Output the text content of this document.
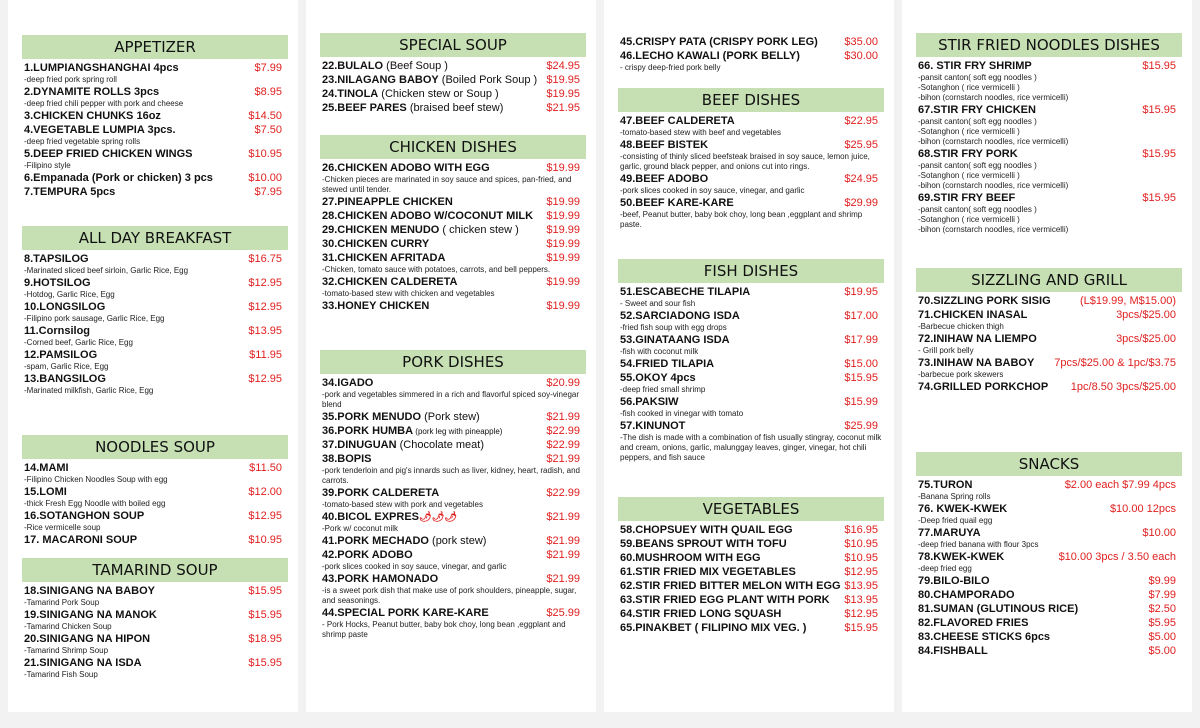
APPETIZER
1.LUMPIANGSHANGHAI 4pcs	$7.99
-deep fried pork spring roll
2.DYNAMITE ROLLS 3pcs	$8.95
-deep fried chili pepper with pork and cheese
3.CHICKEN CHUNKS 16oz	$14.50
4.VEGETABLE LUMPIA 3pcs.	$7.50
-deep fried vegetable spring rolls
5.DEEP FRIED CHICKEN WINGS	$10.95
-Filipino style
6.Empanada (Pork or chicken) 3 pcs	$10.00
7.TEMPURA 5pcs	$7.95
ALL DAY BREAKFAST
8.TAPSILOG	$16.75
-Marinated sliced beef sirloin, Garlic Rice, Egg
9.HOTSILOG	$12.95
-Hotdog, Garlic Rice, Egg
10.LONGSILOG	$12.95
-Filipino pork sausage, Garlic Rice, Egg
11.Cornsilog	$13.95
-Corned beef, Garlic Rice, Egg
12.PAMSILOG	$11.95
-spam, Garlic Rice, Egg
13.BANGSILOG	$12.95
-Marinated milkfish, Garlic Rice, Egg
NOODLES SOUP
14.MAMI	$11.50
-Filipino Chicken Noodles Soup with egg
15.LOMI	$12.00
-thick Fresh Egg Noodle with boiled egg
16.SOTANGHON SOUP	$12.95
-Rice vermicelle soup
17. MACARONI SOUP	$10.95
TAMARIND SOUP
18.SINIGANG NA BABOY	$15.95
-Tamarind Pork Soup
19.SINIGANG NA MANOK	$15.95
-Tamarind Chicken Soup
20.SINIGANG NA HIPON	$18.95
-Tamarind Shrimp Soup
21.SINIGANG NA ISDA	$15.95
-Tamarind Fish Soup
SPECIAL SOUP
22.BULALO (Beef Soup )	$24.95
23.NILAGANG BABOY (Boiled Pork Soup ) $19.95
24.TINOLA (Chicken stew or Soup )	$19.95
25.BEEF PARES (braised beef stew)	$21.95
CHICKEN DISHES
26.CHICKEN ADOBO WITH EGG	$19.99
-Chicken pieces are marinated in soy sauce and spices, pan-fried, and stewed until tender.
27.PINEAPPLE CHICKEN	$19.99
28.CHICKEN ADOBO W/COCONUT MILK $19.99
29.CHICKEN MENUDO ( chicken stew )	$19.99
30.CHICKEN CURRY	$19.99
31.CHICKEN AFRITADA	$19.99
-Chicken, tomato sauce with potatoes, carrots, and bell peppers.
32.CHICKEN CALDERETA	$19.99
-tomato-based stew with chicken and vegetables
33.HONEY CHICKEN	$19.99
PORK DISHES
34.IGADO	$20.99
-pork and vegetables simmered in a rich and flavorful spiced soy-vinegar blend
35.PORK MENUDO (Pork stew)	$21.99
36.PORK HUMBA (pork leg with pineapple)	$22.99
37.DINUGUAN (Chocolate meat)	$22.99
38.BOPIS	$21.99
-pork tenderloin and pig's innards such as liver, kidney, heart, radish, and carrots.
39.PORK CALDERETA	$22.99
-tomato-based stew with pork and vegetables
40.BICOL EXPRES🌶🌶🌶	$21.99
-Pork w/ coconut milk
41.PORK MECHADO (pork stew)	$21.99
42.PORK ADOBO	$21.99
-pork slices cooked in soy sauce, vinegar, and garlic
43.PORK HAMONADO	$21.99
-is a sweet pork dish that make use of pork shoulders, pineapple, sugar, and seasonings.
44.SPECIAL PORK KARE-KARE	$25.99
- Pork Hocks, Peanut butter, baby bok choy, long bean ,eggplant and shrimp paste
45.CRISPY PATA (CRISPY PORK LEG) $35.00
46.LECHO KAWALI (PORK BELLY)	$30.00
- crispy deep-fried pork belly
BEEF DISHES
47.BEEF CALDERETA	$22.95
-tomato-based stew with beef and vegetables
48.BEEF BISTEK	$25.95
-consisting of thinly sliced beefsteak braised in soy sauce, lemon juice, garlic, ground black pepper, and onions cut into rings.
49.BEEF ADOBO	$24.95
-pork slices cooked in soy sauce, vinegar, and garlic
50.BEEF KARE-KARE	$29.99
-beef, Peanut butter, baby bok choy, long bean ,eggplant and shrimp paste.
FISH DISHES
51.ESCABECHE TILAPIA	$19.95
- Sweet and sour fish
52.SARCIADONG ISDA	$17.00
-fried fish soup with egg drops
53.GINATAANG ISDA	$17.99
-fish with coconut milk
54.FRIED TILAPIA	$15.00
55.OKOY 4pcs	$15.95
-deep fried small shrimp
56.PAKSIW	$15.99
-fish cooked in vinegar with tomato
57.KINUNOT	$25.99
-The dish is made with a combination of fish usually stingray, coconut milk and cream, onions, garlic, malunggay leaves, ginger, vinegar, hot chili peppers, and fish sauce
VEGETABLES
58.CHOPSUEY WITH QUAIL EGG	$16.95
59.BEANS SPROUT WITH TOFU	$10.95
60.MUSHROOM WITH EGG	$10.95
61.STIR FRIED MIX VEGETABLES	$12.95
62.STIR FRIED BITTER MELON WITH EGG $13.95
63.STIR FRIED EGG PLANT WITH PORK $13.95
64.STIR FRIED LONG SQUASH	$12.95
65.PINAKBET ( FILIPINO MIX VEG. )	$15.95
STIR FRIED NOODLES DISHES
66. STIR FRY SHRIMP	$15.95
-pansit canton( soft egg noodles )
-Sotanghon ( rice vermicelli )
-bihon (cornstarch noodles, rice vermicelli)
67.STIR FRY CHICKEN	$15.95
-pansit canton( soft egg noodles )
-Sotanghon ( rice vermicelli )
-bihon (cornstarch noodles, rice vermicelli)
68.STIR FRY PORK	$15.95
-pansit canton( soft egg noodles )
-Sotanghon ( rice vermicelli )
-bihon (cornstarch noodles, rice vermicelli)
69.STIR FRY BEEF	$15.95
-pansit canton( soft egg noodles )
-Sotanghon ( rice vermicelli )
-bihon (cornstarch noodles, rice vermicelli)
SIZZLING AND GRILL
70.SIZZLING PORK SISIG	(L$19.99, M$15.00)
71.CHICKEN INASAL	3pcs/$25.00
-Barbecue chicken thigh
72.INIHAW NA LIEMPO	3pcs/$25.00
- Grill pork belly
73.INIHAW NA BABOY 7pcs/$25.00 & 1pc/$3.75
-barbecue pork skewers
74.GRILLED PORKCHOP 1pc/8.50 3pcs/$25.00
SNACKS
75.TURON	$2.00 each $7.99 4pcs
-Banana Spring rolls
76. KWEK-KWEK	$10.00 12pcs
-Deep fried quail egg
77.MARUYA	$10.00
-deep fried banana with flour 3pcs
78.KWEK-KWEK	$10.00 3pcs / 3.50 each
-deep fried egg
79.BILO-BILO	$9.99
80.CHAMPORADO	$7.99
81.SUMAN (GLUTINOUS RICE)	$2.50
82.FLAVORED FRIES	$5.95
83.CHEESE STICKS 6pcs	$5.00
84.FISHBALL	$5.00
